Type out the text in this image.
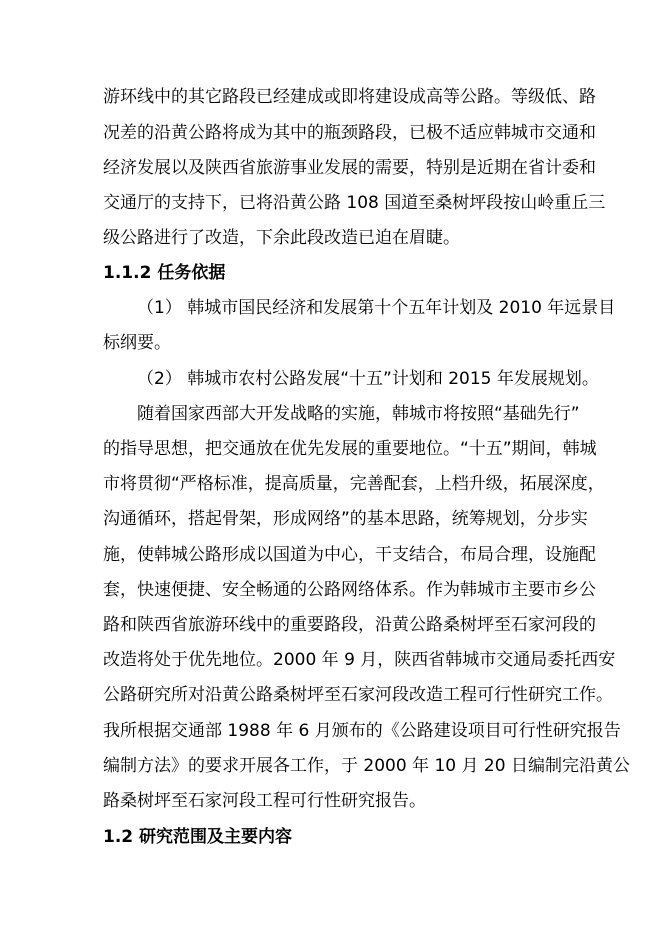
游环线中的其它路段已经建成或即将建设成高等公路。等级低、路
况差的沿黄公路将成为其中的瓶颈路段，已极不适应韩城市交通和
经济发展以及陕西省旅游事业发展的需要，特别是近期在省计委和
交通厅的支持下，已将沿黄公路 108 国道至桑树坪段按山岭重丘三
级公路进行了改造，下余此段改造已迫在眉睫。
1.1.2 任务依据
（1） 韩城市国民经济和发展第十个五年计划及 2010 年远景目
标纲要。
（2） 韩城市农村公路发展“十五”计划和 2015 年发展规划。
随着国家西部大开发战略的实施，韩城市将按照“基础先行”
的指导思想，把交通放在优先发展的重要地位。“十五”期间，韩城
市将贯彻“严格标准，提高质量，完善配套，上档升级，拓展深度，
沟通循环，搭起骨架，形成网络”的基本思路，统筹规划，分步实
施，使韩城公路形成以国道为中心，干支结合，布局合理，设施配
套，快速便捷、安全畅通的公路网络体系。作为韩城市主要市乡公
路和陕西省旅游环线中的重要路段，沿黄公路桑树坪至石家河段的
改造将处于优先地位。2000 年 9 月，陕西省韩城市交通局委托西安
公路研究所对沿黄公路桑树坪至石家河段改造工程可行性研究工作。
我所根据交通部 1988 年 6 月颁布的《公路建设项目可行性研究报告
编制方法》的要求开展各工作，于 2000 年 10 月 20 日编制完沿黄公
路桑树坪至石家河段工程可行性研究报告。
1.2 研究范围及主要内容
